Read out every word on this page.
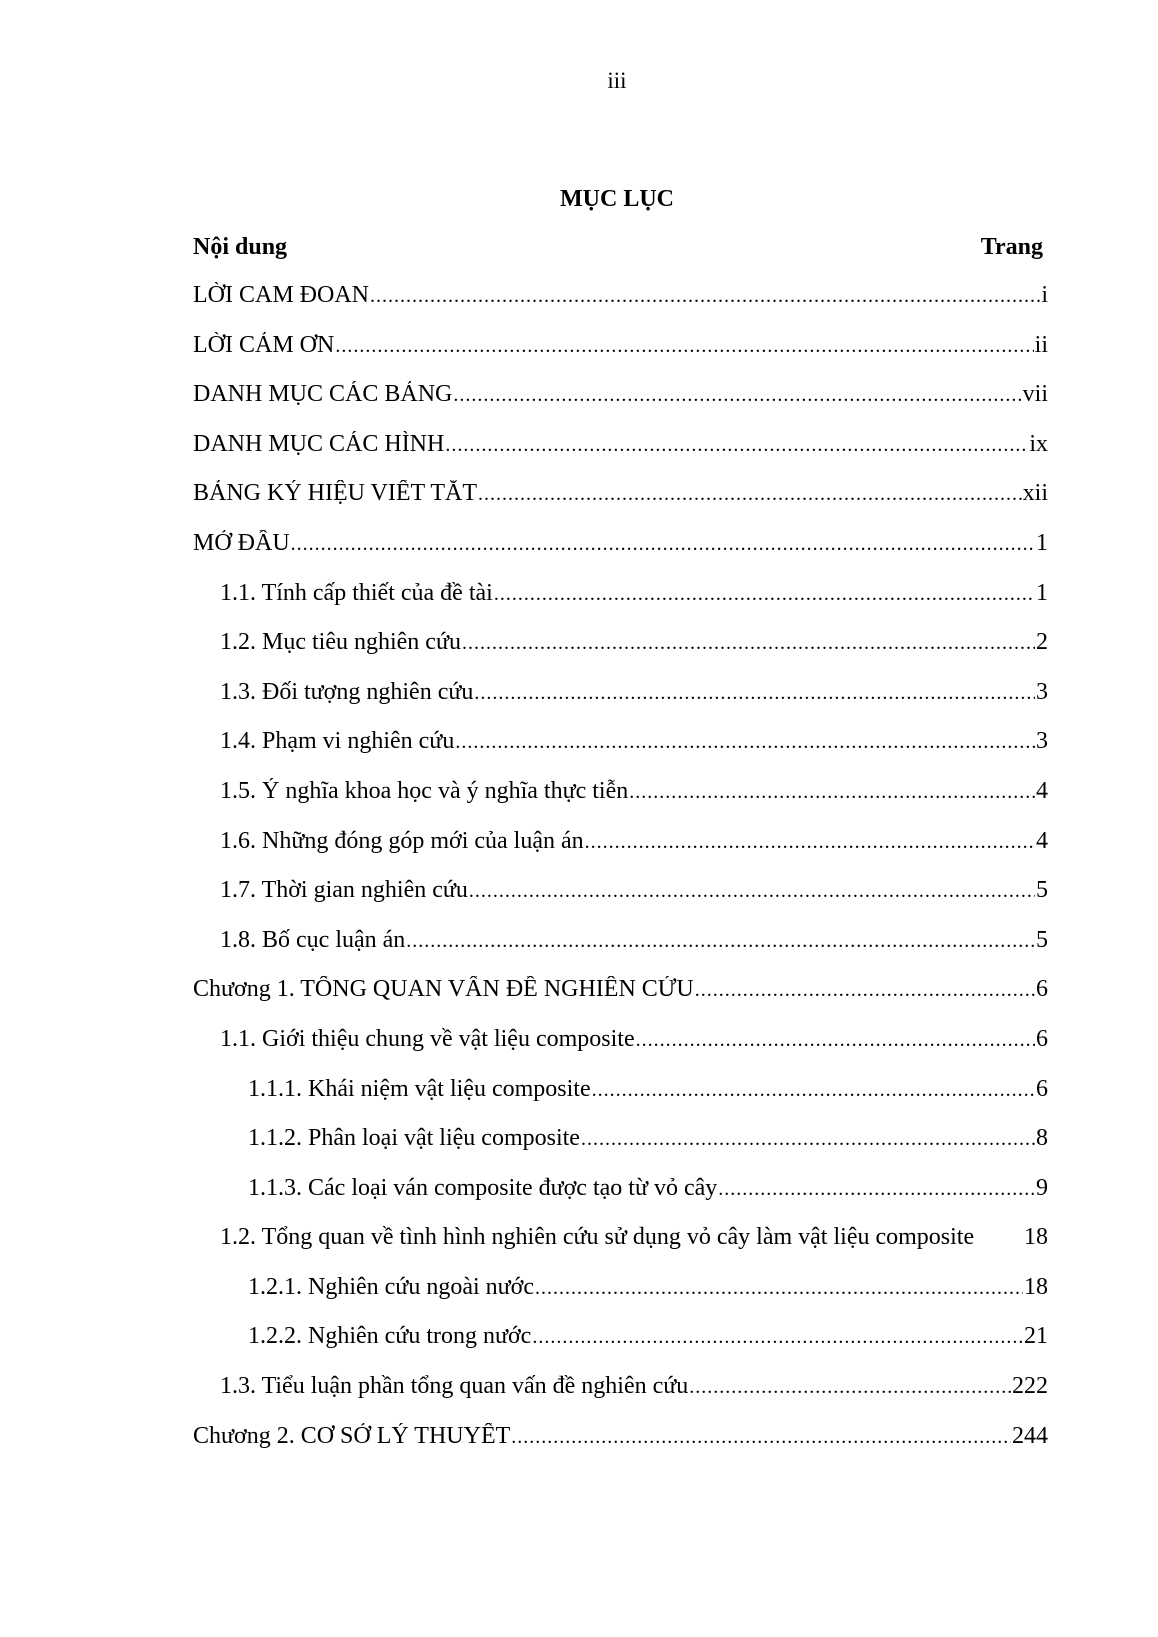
iii
MỤC LỤC
Nội dung	Trang
LỜI CAM ĐOAN .....	i
LỜI CẢM ƠN .....	ii
DANH MỤC CÁC BẢNG .....	vii
DANH MỤC CÁC HÌNH .....	ix
BẢNG KÝ HIỆU VIẾT TẮT .....	xii
MỞ ĐẦU .....	1
1.1. Tính cấp thiết của đề tài .....	1
1.2. Mục tiêu nghiên cứu .....	2
1.3. Đối tượng nghiên cứu .....	3
1.4. Phạm vi nghiên cứu .....	3
1.5. Ý nghĩa khoa học và ý nghĩa thực tiễn .....	4
1.6. Những đóng góp mới của luận án .....	4
1.7. Thời gian nghiên cứu .....	5
1.8. Bố cục luận án .....	5
Chương 1. TỔNG QUAN VẤN ĐỀ NGHIÊN CỨU .....	6
1.1. Giới thiệu chung về vật liệu composite .....	6
1.1.1. Khái niệm vật liệu composite .....	6
1.1.2. Phân loại vật liệu composite .....	8
1.1.3. Các loại ván composite được tạo từ vỏ cây .....	9
1.2. Tổng quan về tình hình nghiên cứu sử dụng vỏ cây làm vật liệu composite 18
1.2.1. Nghiên cứu ngoài nước .....	18
1.2.2. Nghiên cứu trong nước .....	21
1.3. Tiểu luận phần tổng quan vấn đề nghiên cứu .....	222
Chương 2. CƠ SỞ LÝ THUYẾT .....	244
